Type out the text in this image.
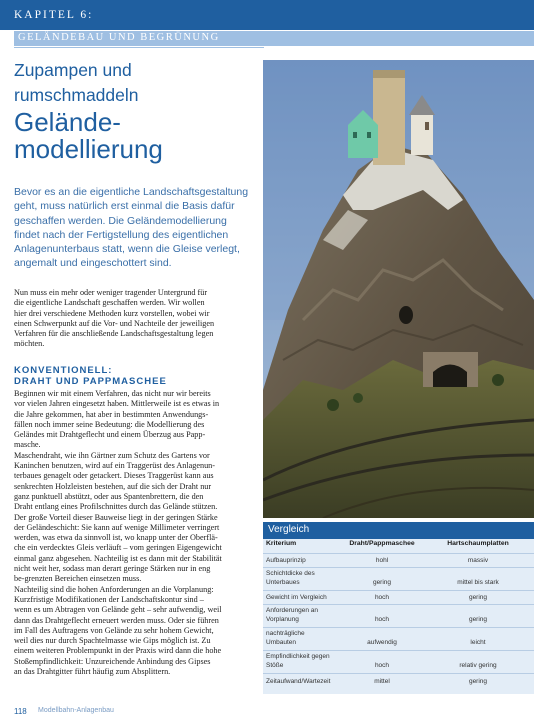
KAPITEL 6:
GELÄNDEBAU UND BEGRÜNUNG
Zupampen und
rumschmaddeln
Gelände-
modellierung
Bevor es an die eigentliche Landschaftsgestaltung
geht, muss natürlich erst einmal die Basis dafür
geschaffen werden. Die Geländemodellierung
findet nach der Fertigstellung des eigentlichen
Anlagenunterbaus statt, wenn die Gleise verlegt,
angemalt und eingeschottert sind.
Nun muss ein mehr oder weniger tragender Untergrund für
die eigentliche Landschaft geschaffen werden. Wir wollen
hier drei verschiedene Methoden kurz vorstellen, wobei wir
einen Schwerpunkt auf die Vor- und Nachteile der jeweiligen
Verfahren für die anschließende Landschaftsgestaltung legen
möchten.
KONVENTIONELL:
DRAHT UND PAPPMASCHEE
Beginnen wir mit einem Verfahren, das nicht nur wir bereits
vor vielen Jahren eingesetzt haben. Mittlerweile ist es etwas in
die Jahre gekommen, hat aber in bestimmten Anwendungs-
fällen noch immer seine Bedeutung: die Modellierung des
Geländes mit Drahtgeflecht und einem Überzug aus Papp-
masche.
Maschendraht, wie ihn Gärtner zum Schutz des Gartens vor
Kaninchen benutzen, wird auf ein Traggerüst des Anlagenun-
terbaues genagelt oder getackert. Dieses Traggerüst kann aus
senkrechten Holzleisten bestehen, auf die sich der Draht nur
ganz punktuell abstützt, oder aus Spantenbrettern, die den
Draht entlang eines Profilschnittes durch das Gelände stützen.
Der große Vorteil dieser Bauweise liegt in der geringen Stärke
der Geländeschicht: Sie kann auf wenige Millimeter verringert
werden, was etwa da sinnvoll ist, wo knapp unter der Oberflä-
che ein verdecktes Gleis verläuft – vom geringen Eigengewicht
einmal ganz abgesehen. Nachteilig ist es dann mit der Stabilität
nicht weit her, sodass man derart geringe Stärken nur in eng
be-grenzten Bereichen einsetzen muss.
Nachteilig sind die hohen Anforderungen an die Vorplanung:
Kurzfristige Modifikationen der Landschaftskontur sind –
wenn es um Abtragen von Gelände geht – sehr aufwendig, weil
dann das Drahtgeflecht erneuert werden muss. Oder sie führen
im Fall des Auftragens von Gelände zu sehr hohem Gewicht,
weil dies nur durch Spachtelmasse wie Gips möglich ist. Zu
einem weiteren Problempunkt in der Praxis wird dann die hohe
Stoßempfindlichkeit: Unzureichende Anbindung des Gipses
an das Drahtgitter führt häufig zum Absplittern.
Vergleich
Kriterium	Draht/Pappmaschee	Hartschaumplatten
Aufbauprinzip	hohl	massiv
Schichtdicke des
Unterbaues	gering	mittel bis stark
Gewicht im Vergleich	hoch	gering
Anforderungen an
Vorplanung	hoch	gering
nachträgliche
Umbauten	aufwendig	leicht
Empfindlichkeit gegen
Stöße	hoch	relativ gering
Zeitaufwand/Wartezeit	mittel	gering
118 Modellbahn-Anlagenbau
